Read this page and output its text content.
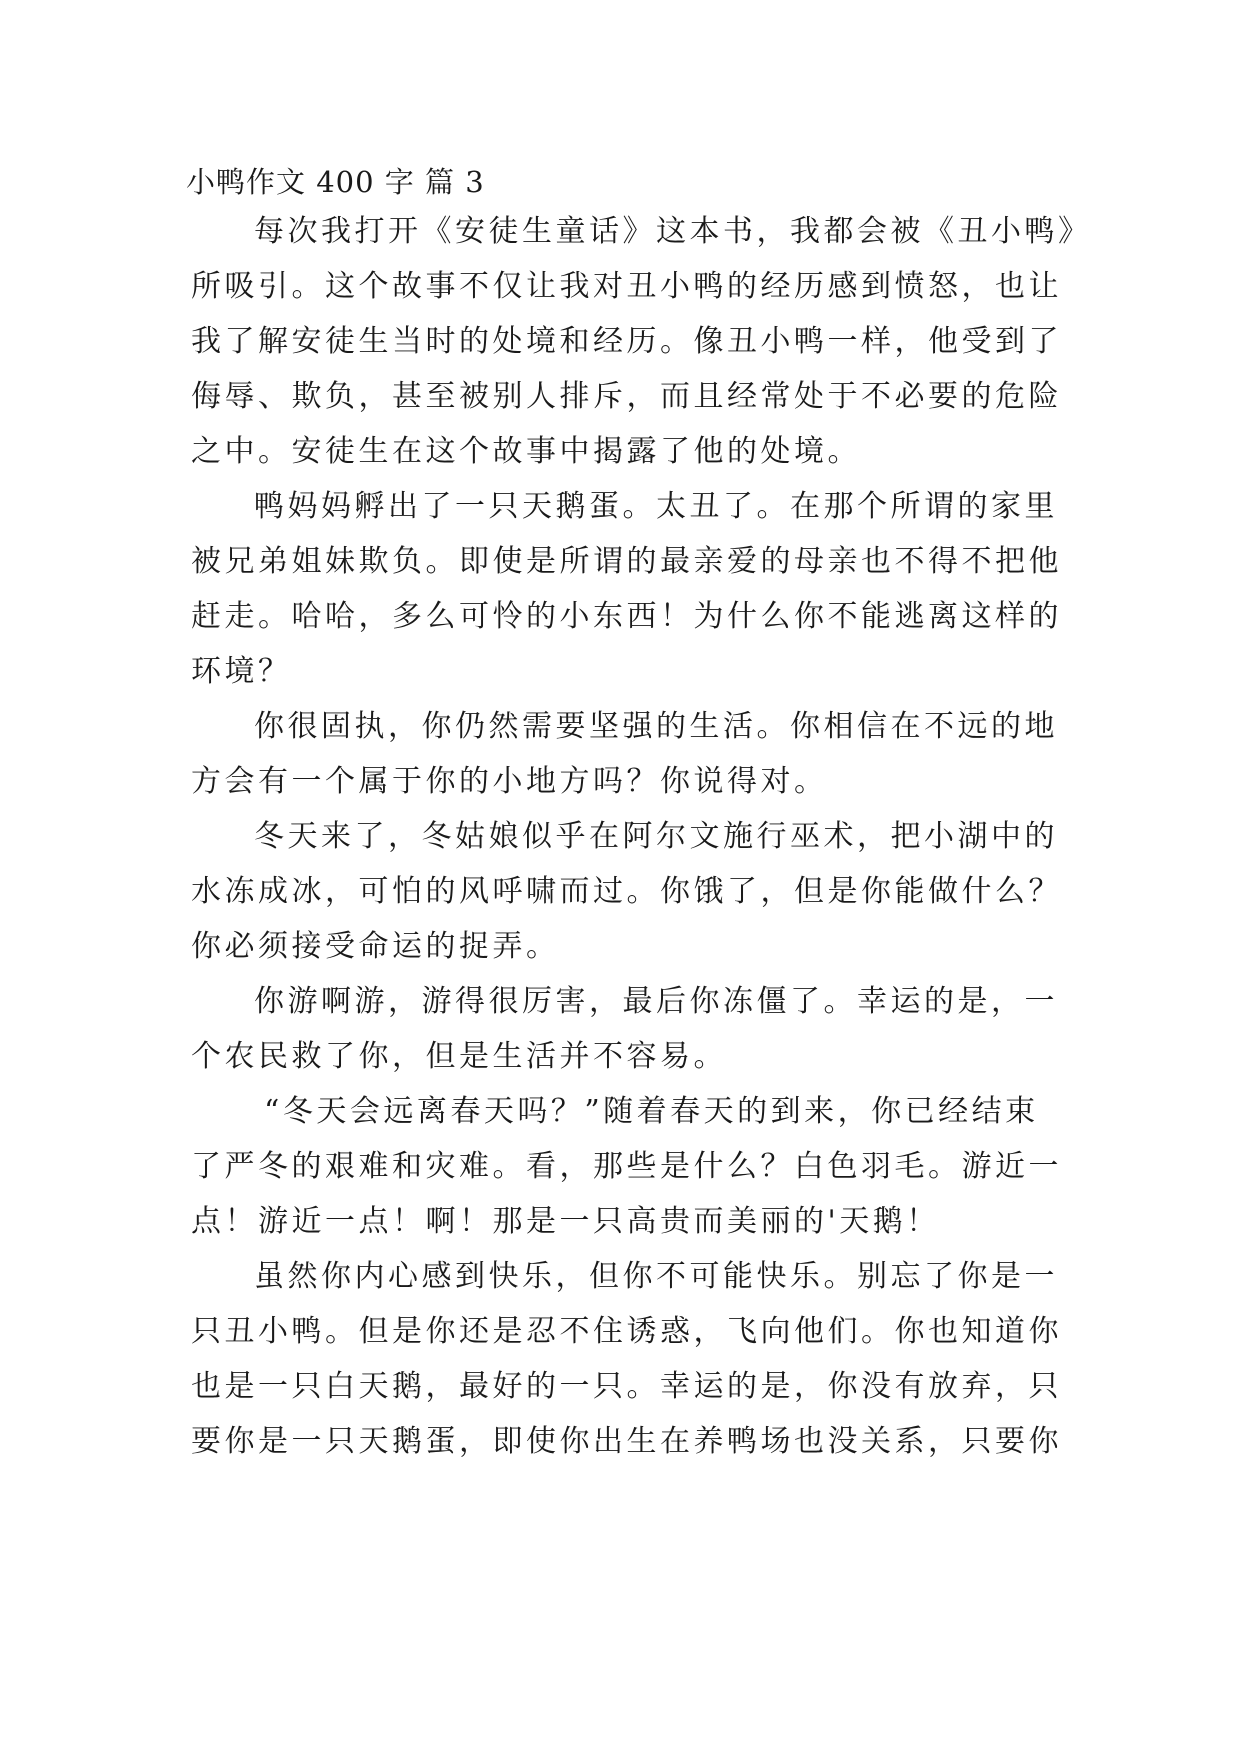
小鸭作文 400 字 篇 3
每次我打开《安徒生童话》这本书，我都会被《丑小鸭》
所吸引。这个故事不仅让我对丑小鸭的经历感到愤怒，也让
我了解安徒生当时的处境和经历。像丑小鸭一样，他受到了
侮辱、欺负，甚至被别人排斥，而且经常处于不必要的危险
之中。安徒生在这个故事中揭露了他的处境。
鸭妈妈孵出了一只天鹅蛋。太丑了。在那个所谓的家里
被兄弟姐妹欺负。即使是所谓的最亲爱的母亲也不得不把他
赶走。哈哈，多么可怜的小东西！为什么你不能逃离这样的
环境？
你很固执，你仍然需要坚强的生活。你相信在不远的地
方会有一个属于你的小地方吗？你说得对。
冬天来了，冬姑娘似乎在阿尔文施行巫术，把小湖中的
水冻成冰，可怕的风呼啸而过。你饿了，但是你能做什么？
你必须接受命运的捉弄。
你游啊游，游得很厉害，最后你冻僵了。幸运的是，一
个农民救了你，但是生活并不容易。
“冬天会远离春天吗？”随着春天的到来，你已经结束
了严冬的艰难和灾难。看，那些是什么？白色羽毛。游近一
点！游近一点！啊！那是一只高贵而美丽的'天鹅！
虽然你内心感到快乐，但你不可能快乐。别忘了你是一
只丑小鸭。但是你还是忍不住诱惑，飞向他们。你也知道你
也是一只白天鹅，最好的一只。幸运的是，你没有放弃，只
要你是一只天鹅蛋，即使你出生在养鸭场也没关系，只要你
